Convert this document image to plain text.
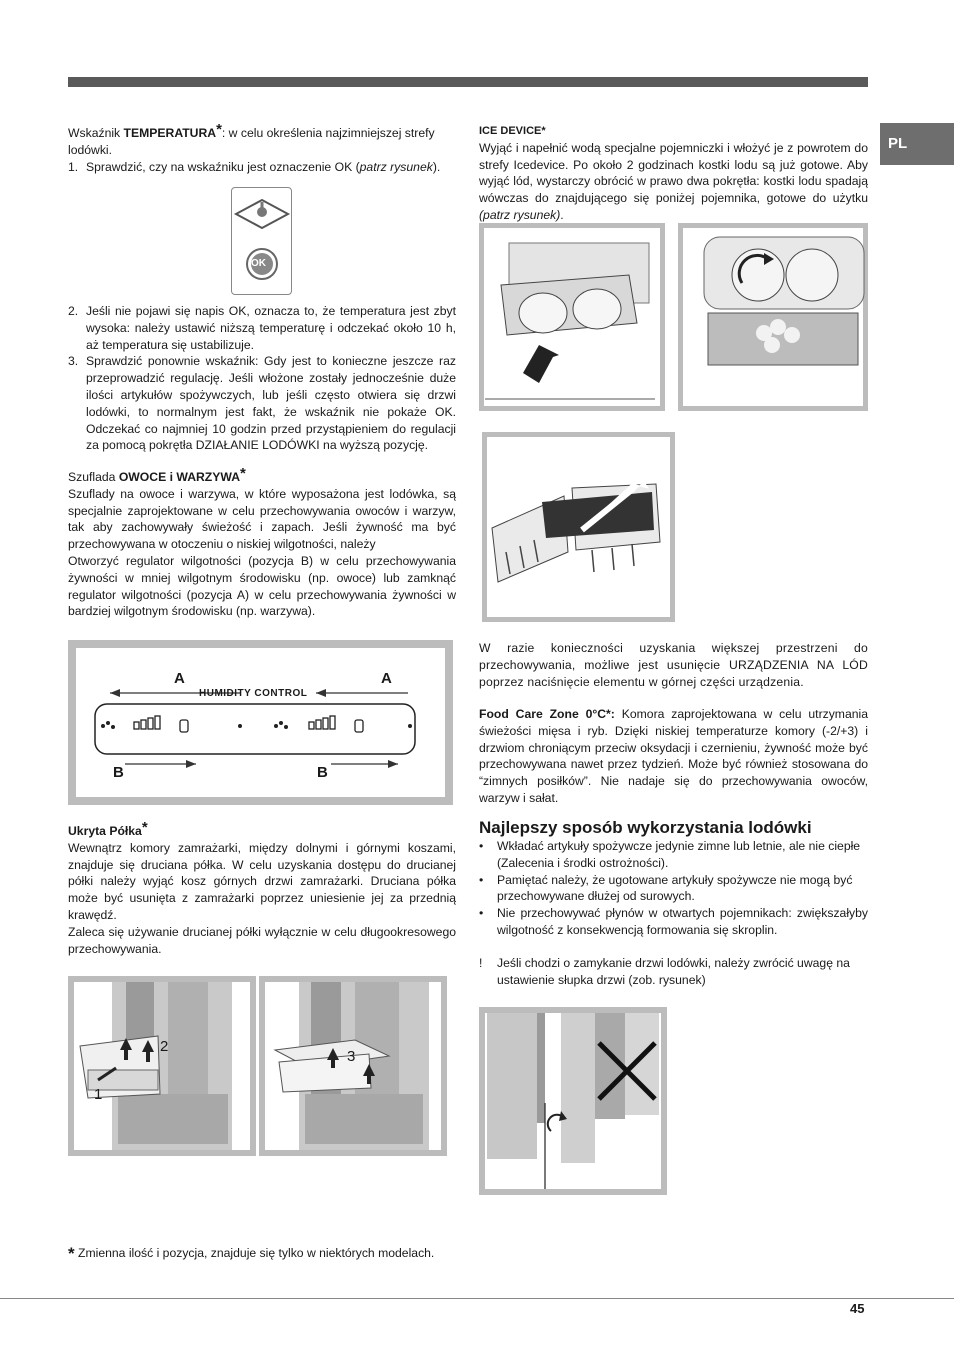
PL

Wskaźnik TEMPERATURA*: w celu określenia najzimniejszej strefy lodówki.

1. Sprawdzić, czy na wskaźniku jest oznaczenie OK (patrz rysunek).
OK
2. Jeśli nie pojawi się napis OK, oznacza to, że temperatura jest zbyt wysoka: należy ustawić niższą temperaturę i odczekać około 10 h, aż temperatura się ustabilizuje.
3. Sprawdzić ponownie wskaźnik: Gdy jest to konieczne jeszcze raz przeprowadzić regulację. Jeśli włożone zostały jednocześnie duże ilości artykułów spożywczych, lub jeśli często otwiera się drzwi lodówki, to normalnym jest fakt, że wskaźnik nie pokaże OK. Odczekać co najmniej 10 godzin przed przystąpieniem do regulacji za pomocą pokrętła DZIAŁANIE LODÓWKI na wyższą pozycję.

Szuflada OWOCE i WARZYWA*

Szuflady na owoce i warzywa, w które wyposażona jest lodówka, są specjalnie zaprojektowane w celu przechowywania owoców i warzyw, tak aby zachowywały świeżość i zapach. Jeśli żywność ma być przechowywana w otoczeniu o niskiej wilgotności, należy

Otworzyć regulator wilgotności (pozycja B) w celu przechowywania żywności w mniej wilgotnym środowisku (np. owoce) lub zamknąć regulator wilgotności (pozycja A) w celu przechowywania żywności w bardziej wilgotnym środowisku (np. warzywa).

HUMIDITY CONTROL
A	A
B	B

Ukryta Półka*

Wewnątrz komory zamrażarki, między dolnymi i górnymi koszami, znajduje się druciana półka. W celu uzyskania dostępu do drucianej półki należy wyjąć kosz górnych drzwi zamrażarki. Druciana półka może być usunięta z zamrażarki poprzez uniesienie jej za przednią krawędź.

Zaleca się używanie drucianej półki wyłącznie w celu długookresowego przechowywania.

1
2
3

ICE DEVICE*

Wyjąć i napełnić wodą specjalne pojemniczki i włożyć je z powrotem do strefy Icedevice. Po około 2 godzinach kostki lodu są już gotowe. Aby wyjąć lód, wystarczy obrócić w prawo dwa pokrętła: kostki lodu spadają wówczas do znajdującego się poniżej pojemnika, gotowe do użytku (patrz rysunek).

W razie konieczności uzyskania większej przestrzeni do przechowywania, możliwe jest usunięcie URZĄDZENIA NA LÓD poprzez naciśnięcie elementu w górnej części urządzenia.

Food Care Zone 0°C*: Komora zaprojektowana w celu utrzymania świeżości mięsa i ryb. Dzięki niskiej temperaturze komory (-2/+3) i drzwiom chroniącym przeciw oksydacji i czernieniu, żywność może być przechowywana nawet przez tydzień. Może być również stosowana do “zimnych posiłków”. Nie nadaje się do przechowywania owoców, warzyw i sałat.

Najlepszy sposób wykorzystania lodówki

•	Wkładać artykuły spożywcze jedynie zimne lub letnie, ale nie ciepłe (Zalecenia i środki ostrożności).
•	Pamiętać należy, że ugotowane artykuły spożywcze nie mogą być przechowywane dłużej od surowych.
•	Nie przechowywać płynów w otwartych pojemnikach: zwiększałyby wilgotność z konsekwencją formowania się skroplin.
!	Jeśli chodzi o zamykanie drzwi lodówki, należy zwrócić uwagę na ustawienie słupka drzwi (zob. rysunek)
* Zmienna ilość i pozycja, znajduje się tylko w niektórych modelach.
45
